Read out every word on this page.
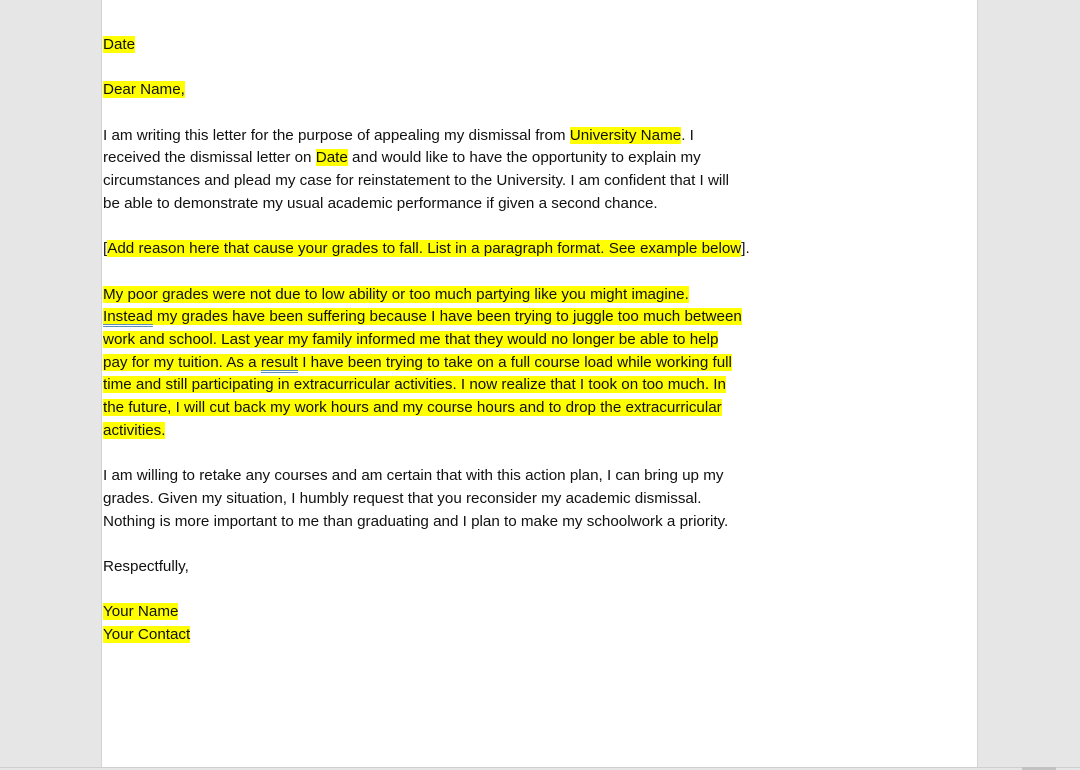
Date

Dear Name,

I am writing this letter for the purpose of appealing my dismissal from University Name. I
received the dismissal letter on Date and would like to have the opportunity to explain my
circumstances and plead my case for reinstatement to the University. I am confident that I will
be able to demonstrate my usual academic performance if given a second chance.

[Add reason here that cause your grades to fall. List in a paragraph format. See example below].

My poor grades were not due to low ability or too much partying like you might imagine.
Instead my grades have been suffering because I have been trying to juggle too much between
work and school. Last year my family informed me that they would no longer be able to help
pay for my tuition. As a result I have been trying to take on a full course load while working full
time and still participating in extracurricular activities. I now realize that I took on too much. In
the future, I will cut back my work hours and my course hours and to drop the extracurricular
activities.

I am willing to retake any courses and am certain that with this action plan, I can bring up my
grades. Given my situation, I humbly request that you reconsider my academic dismissal.
Nothing is more important to me than graduating and I plan to make my schoolwork a priority.

Respectfully,

Your Name
Your Contact
